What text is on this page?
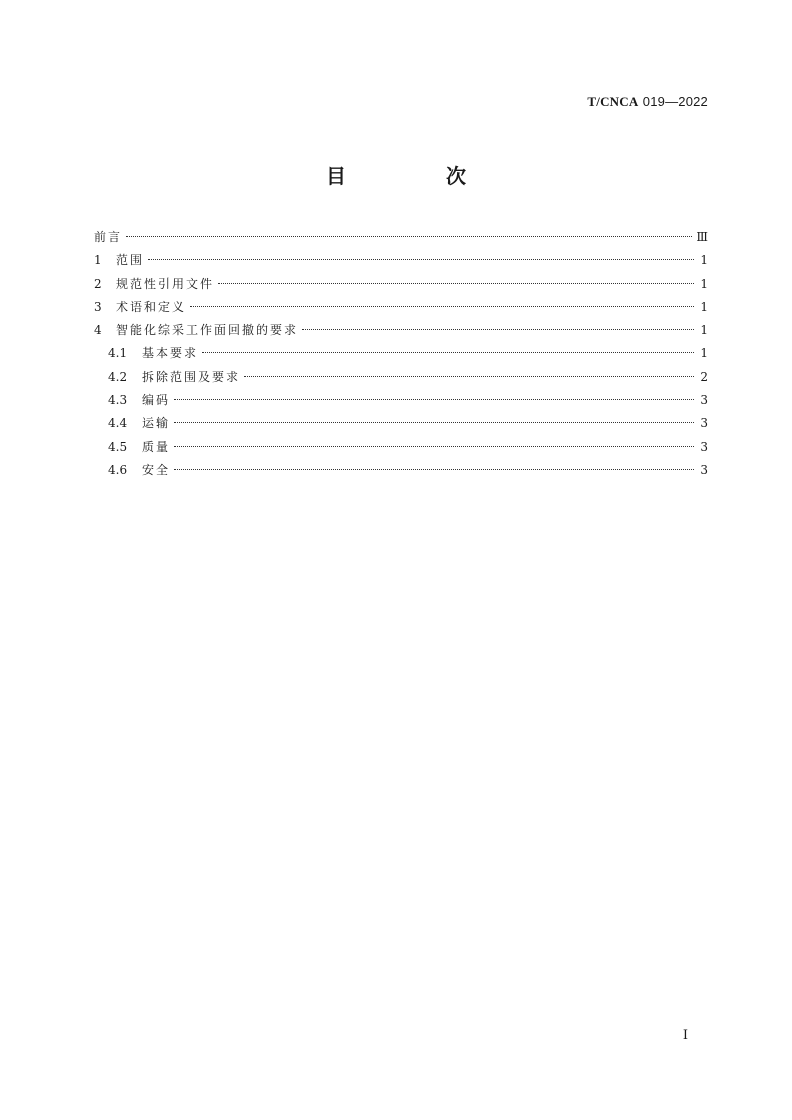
T/CNCA 019—2022
目　次
前言	Ⅲ
1	范围	1
2	规范性引用文件	1
3	术语和定义	1
4	智能化综采工作面回撤的要求	1
4.1	基本要求	1
4.2	拆除范围及要求	2
4.3	编码	3
4.4	运输	3
4.5	质量	3
4.6	安全	3
I
